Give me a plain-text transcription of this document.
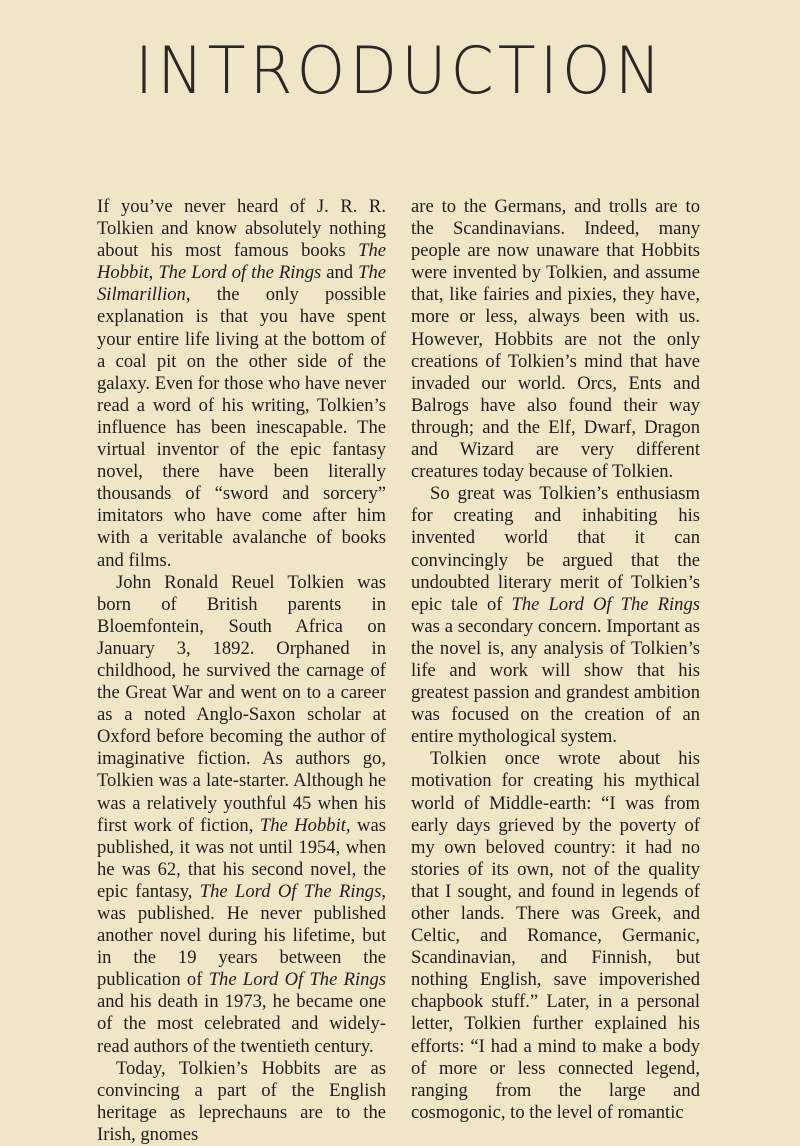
INTRODUCTION

If you’ve never heard of J. R. R. Tolkien and know absolutely nothing about his most famous books The Hobbit, The Lord of the Rings and The Silmarillion, the only possible explanation is that you have spent your entire life living at the bottom of a coal pit on the other side of the galaxy. Even for those who have never read a word of his writing, Tolkien’s influence has been inescapable. The virtual inventor of the epic fantasy novel, there have been literally thousands of “sword and sorcery” imitators who have come after him with a veritable avalanche of books and films.

John Ronald Reuel Tolkien was born of British parents in Bloemfontein, South Africa on January 3, 1892. Orphaned in childhood, he survived the carnage of the Great War and went on to a career as a noted Anglo-Saxon scholar at Oxford before becoming the author of imaginative fiction. As authors go, Tolkien was a late-starter. Although he was a relatively youthful 45 when his first work of fiction, The Hobbit, was published, it was not until 1954, when he was 62, that his second novel, the epic fantasy, The Lord Of The Rings, was published. He never published another novel during his lifetime, but in the 19 years between the publication of The Lord Of The Rings and his death in 1973, he became one of the most celebrated and widely-read authors of the twentieth century.

Today, Tolkien’s Hobbits are as convincing a part of the English heritage as leprechauns are to the Irish, gnomes

are to the Germans, and trolls are to the Scandinavians. Indeed, many people are now unaware that Hobbits were invented by Tolkien, and assume that, like fairies and pixies, they have, more or less, always been with us. However, Hobbits are not the only creations of Tolkien’s mind that have invaded our world. Orcs, Ents and Balrogs have also found their way through; and the Elf, Dwarf, Dragon and Wizard are very different creatures today because of Tolkien.

So great was Tolkien’s enthusiasm for creating and inhabiting his invented world that it can convincingly be argued that the undoubted literary merit of Tolkien’s epic tale of The Lord Of The Rings was a secondary concern. Important as the novel is, any analysis of Tolkien’s life and work will show that his greatest passion and grandest ambition was focused on the creation of an entire mythological system.

Tolkien once wrote about his motivation for creating his mythical world of Middle-earth: “I was from early days grieved by the poverty of my own beloved country: it had no stories of its own, not of the quality that I sought, and found in legends of other lands. There was Greek, and Celtic, and Romance, Germanic, Scandinavian, and Finnish, but nothing English, save impoverished chapbook stuff.” Later, in a personal letter, Tolkien further explained his efforts: “I had a mind to make a body of more or less connected legend, ranging from the large and cosmogonic, to the level of romantic
